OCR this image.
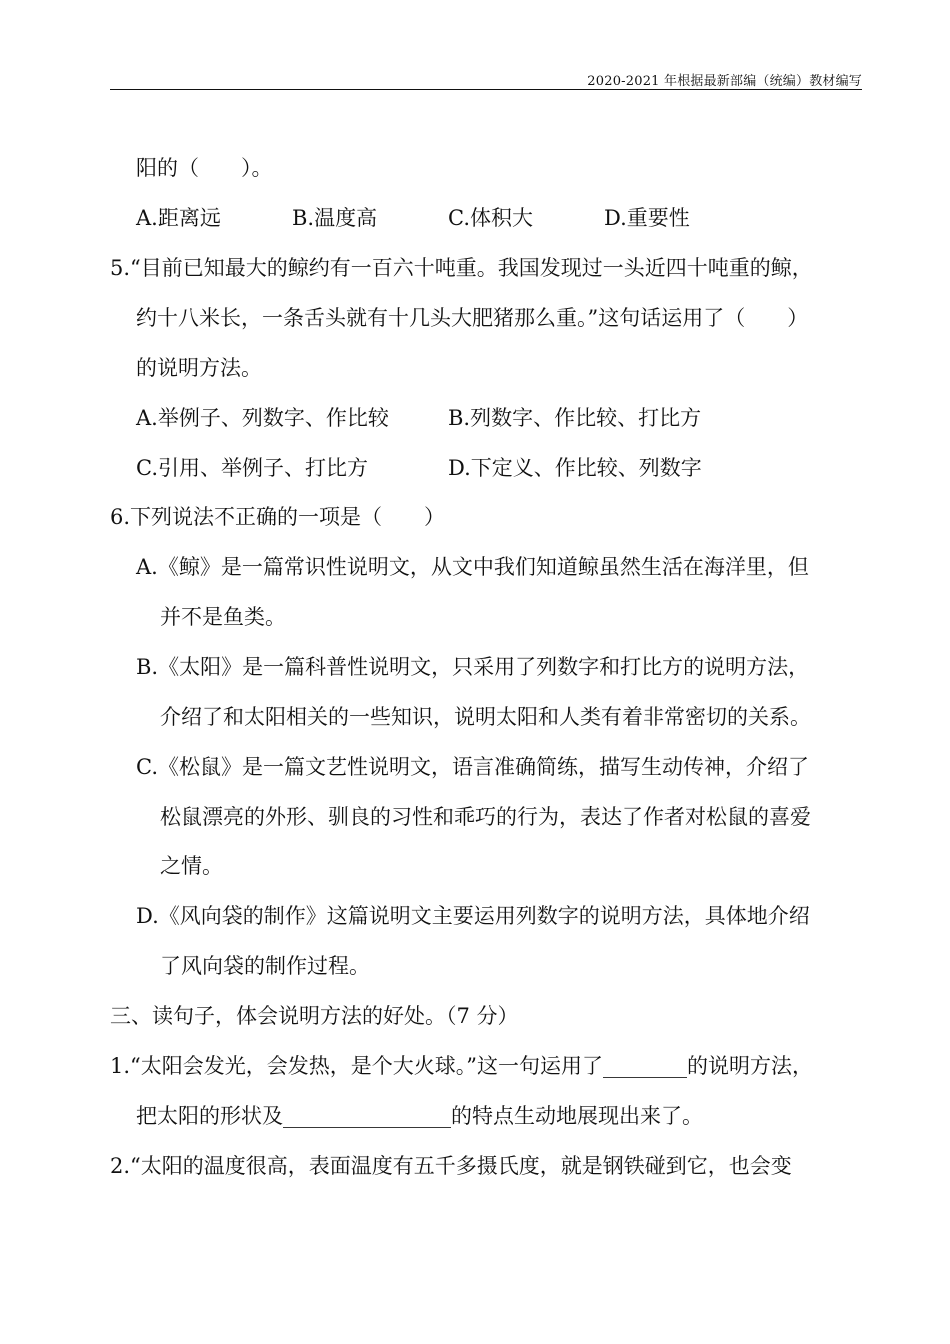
2020-2021 年根据最新部编（统编）教材编写
阳的（　　）。
A.距离远	B.温度高	C.体积大	D.重要性
5.“目前已知最大的鲸约有一百六十吨重。我国发现过一头近四十吨重的鲸，
约十八米长，一条舌头就有十几头大肥猪那么重。”这句话运用了（　　）
的说明方法。
A.举例子、列数字、作比较	B.列数字、作比较、打比方
C.引用、举例子、打比方	D.下定义、作比较、列数字
6.下列说法不正确的一项是（　　）
A.《鲸》是一篇常识性说明文，从文中我们知道鲸虽然生活在海洋里，但
并不是鱼类。
B.《太阳》是一篇科普性说明文，只采用了列数字和打比方的说明方法，
介绍了和太阳相关的一些知识，说明太阳和人类有着非常密切的关系。
C.《松鼠》是一篇文艺性说明文，语言准确简练，描写生动传神，介绍了
松鼠漂亮的外形、驯良的习性和乖巧的行为，表达了作者对松鼠的喜爱
之情。
D.《风向袋的制作》这篇说明文主要运用列数字的说明方法，具体地介绍
了风向袋的制作过程。
三、读句子，体会说明方法的好处。（7 分）
1.“太阳会发光，会发热，是个大火球。”这一句运用了________的说明方法，
把太阳的形状及________________的特点生动地展现出来了。
2.“太阳的温度很高，表面温度有五千多摄氏度，就是钢铁碰到它，也会变
